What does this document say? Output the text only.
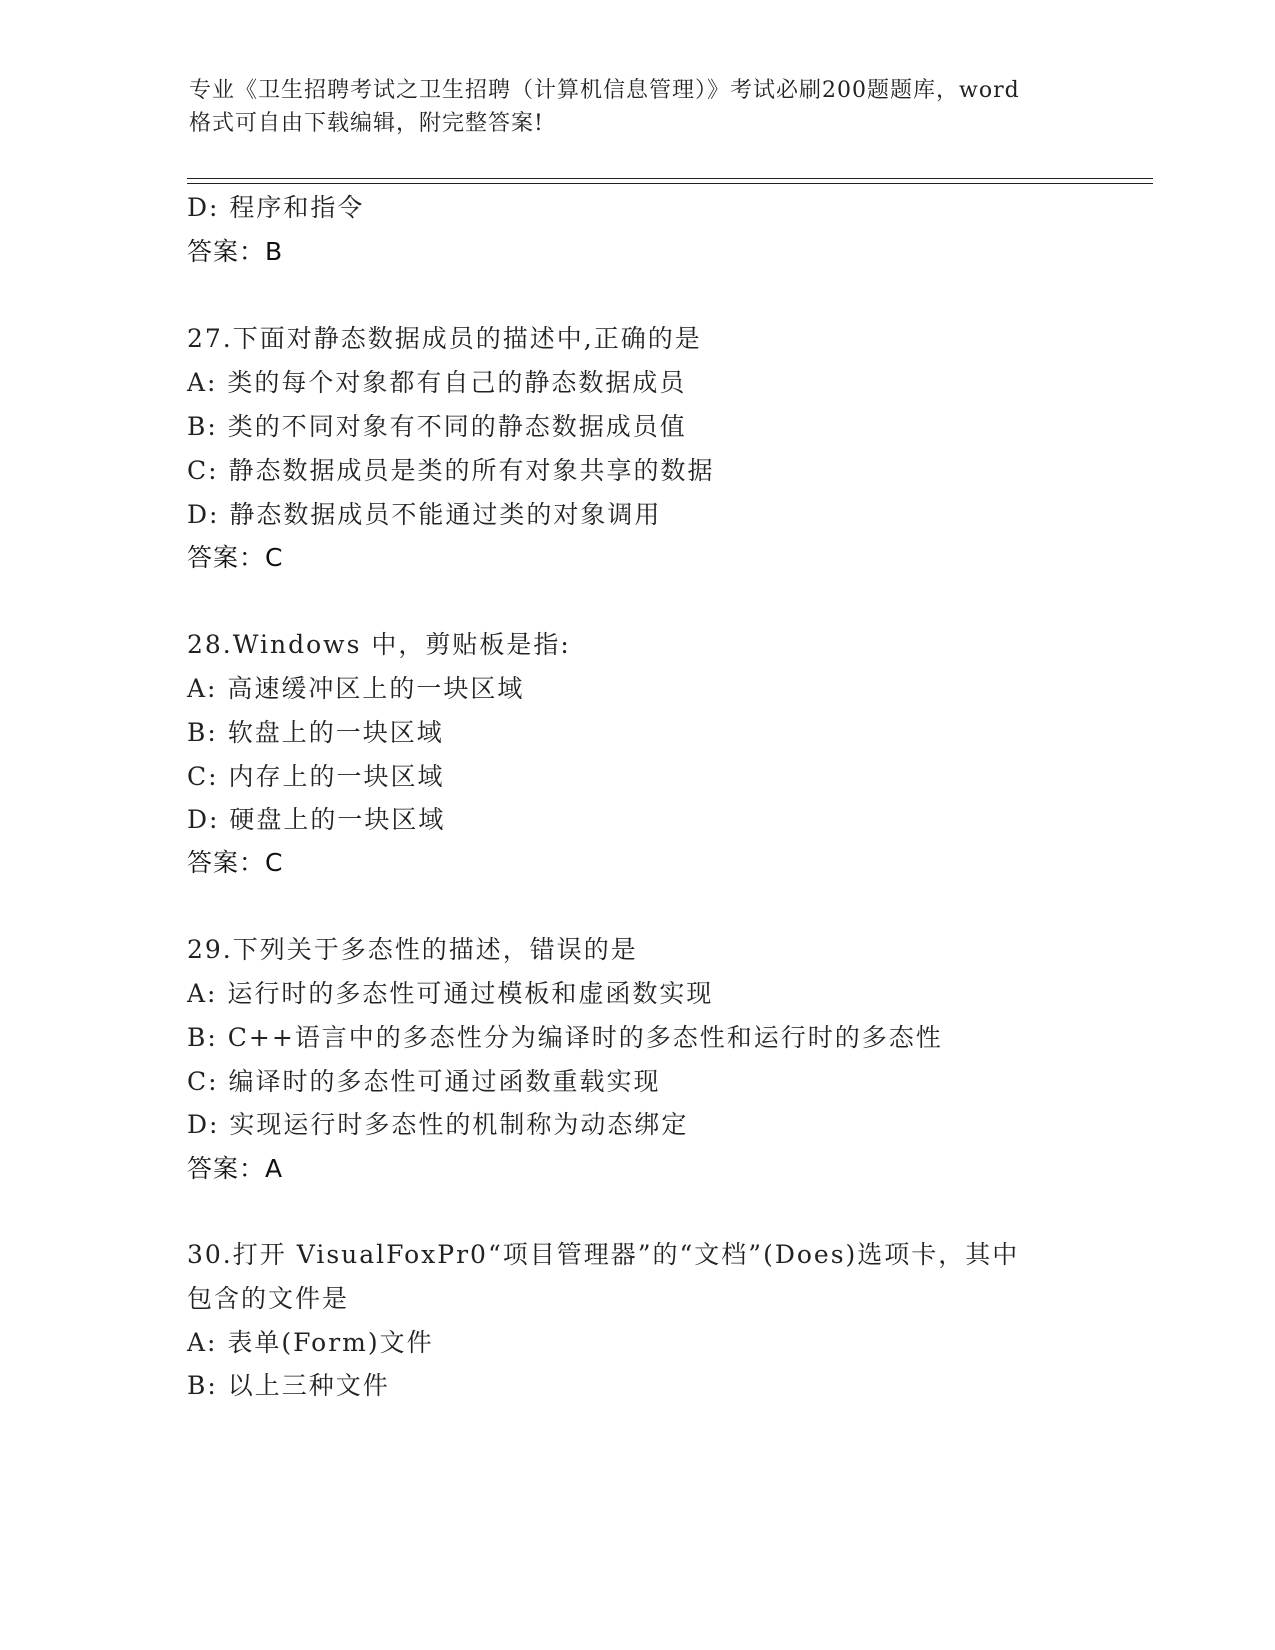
专业《卫生招聘考试之卫生招聘（计算机信息管理）》考试必刷200题题库，word
格式可自由下载编辑，附完整答案!
D: 程序和指令
答案：B
27.下面对静态数据成员的描述中,正确的是
A: 类的每个对象都有自己的静态数据成员
B: 类的不同对象有不同的静态数据成员值
C: 静态数据成员是类的所有对象共享的数据
D: 静态数据成员不能通过类的对象调用
答案：C
28.Windows 中，剪贴板是指:
A: 高速缓冲区上的一块区域
B: 软盘上的一块区域
C: 内存上的一块区域
D: 硬盘上的一块区域
答案：C
29.下列关于多态性的描述，错误的是
A: 运行时的多态性可通过模板和虚函数实现
B: C++语言中的多态性分为编译时的多态性和运行时的多态性
C: 编译时的多态性可通过函数重载实现
D: 实现运行时多态性的机制称为动态绑定
答案：A
30.打开 VisualFoxPr0“项目管理器”的“文档”(Does)选项卡，其中
包含的文件是
A: 表单(Form)文件
B: 以上三种文件
